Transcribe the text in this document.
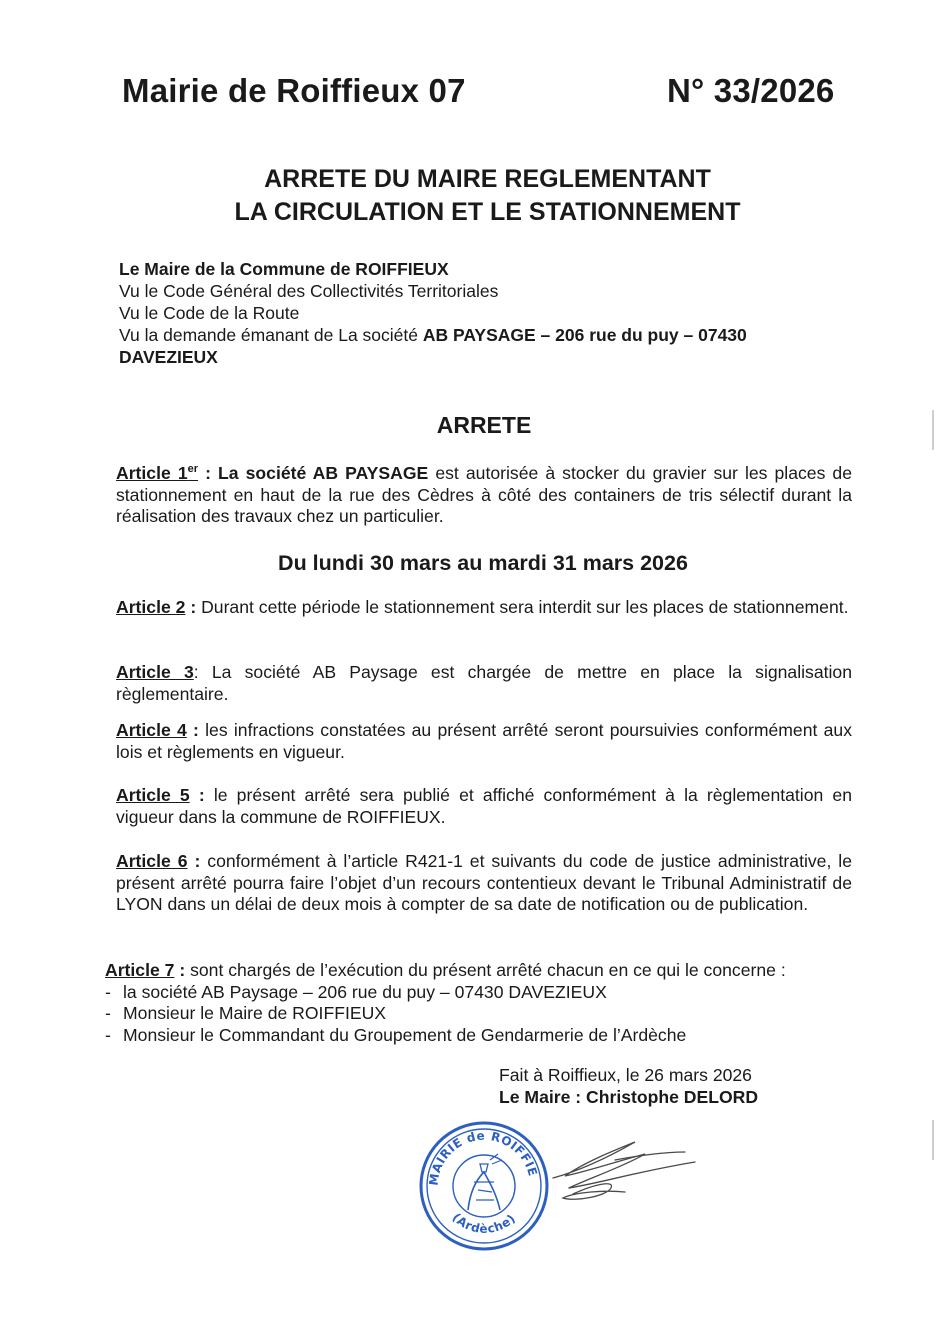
Mairie de Roiffieux 07	N° 33/2026
ARRETE DU MAIRE REGLEMENTANT
LA CIRCULATION ET LE STATIONNEMENT
Le Maire de la Commune de ROIFFIEUX
Vu le Code Général des Collectivités Territoriales
Vu le Code de la Route
Vu la demande émanant de La société AB PAYSAGE – 206 rue du puy – 07430
DAVEZIEUX
ARRETE
Article 1er : La société AB PAYSAGE est autorisée à stocker du gravier sur les places de stationnement en haut de la rue des Cèdres à côté des containers de tris sélectif durant la réalisation des travaux chez un particulier.
Du lundi 30 mars au mardi 31 mars 2026
Article 2 : Durant cette période le stationnement sera interdit sur les places de stationnement.
Article 3: La société AB Paysage est chargée de mettre en place la signalisation règlementaire.
Article 4 : les infractions constatées au présent arrêté seront poursuivies conformément aux lois et règlements en vigueur.
Article 5 : le présent arrêté sera publié et affiché conformément à la règlementation en vigueur dans la commune de ROIFFIEUX.
Article 6 : conformément à l’article R421-1 et suivants du code de justice administrative, le présent arrêté pourra faire l’objet d’un recours contentieux devant le Tribunal Administratif de LYON dans un délai de deux mois à compter de sa date de notification ou de publication.
Article 7 : sont chargés de l’exécution du présent arrêté chacun en ce qui le concerne :
- la société AB Paysage – 206 rue du puy – 07430 DAVEZIEUX
- Monsieur le Maire de ROIFFIEUX
- Monsieur le Commandant du Groupement de Gendarmerie de l’Ardèche
Fait à Roiffieux, le 26 mars 2026
Le Maire : Christophe DELORD
MAIRIE de ROIFFIE
(Ardèche)
